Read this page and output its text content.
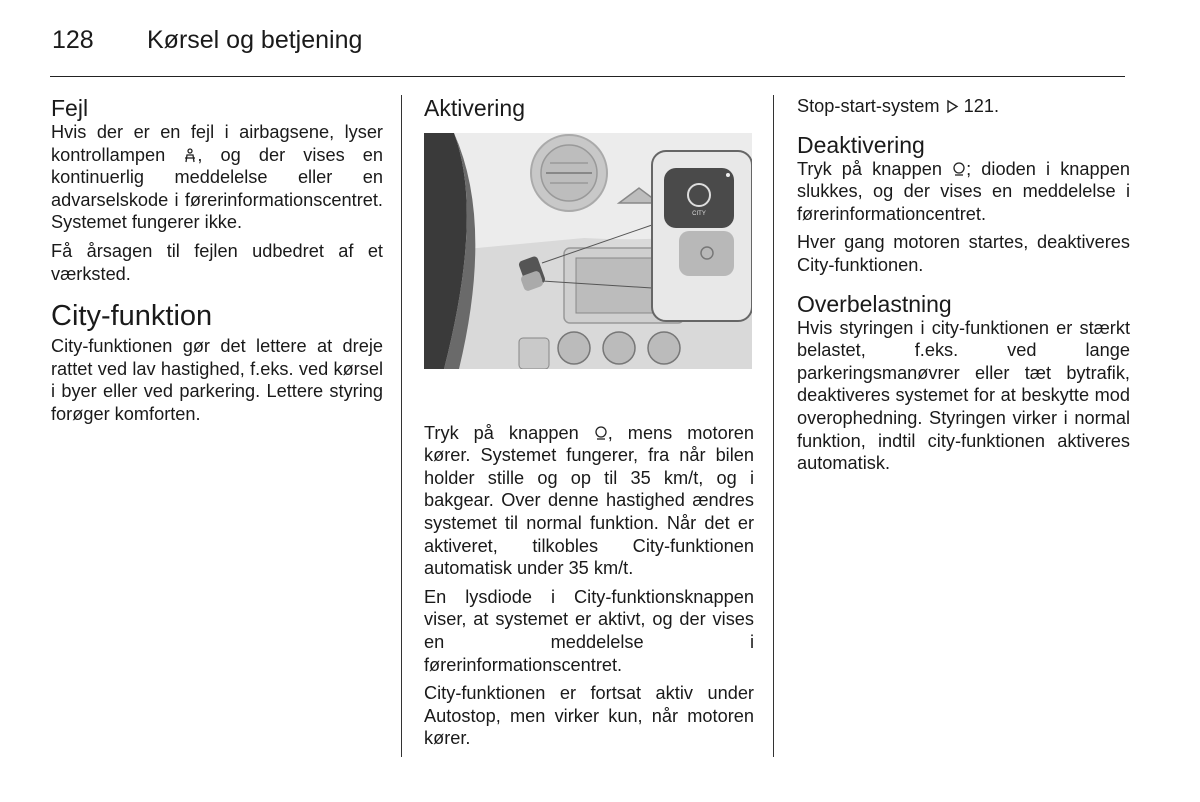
128 Kørsel og betjening
Fejl

Hvis der er en fejl i airbagsene, lyser kontrollampen , og der vises en kontinuerlig meddelelse eller en advarselskode i førerinformationscentret. Systemet fungerer ikke.

Få årsagen til fejlen udbedret af et værksted.

City-funktion

City-funktionen gør det lettere at dreje rattet ved lav hastighed, f.eks. ved kørsel i byer eller ved parkering. Lettere styring forøger komforten.

Aktivering
CITY

Tryk på knappen , mens motoren kører. Systemet fungerer, fra når bilen holder stille og op til 35 km/t, og i bakgear. Over denne hastighed ændres systemet til normal funktion. Når det er aktiveret, tilkobles City-funktionen automatisk under 35 km/t.

En lysdiode i City-funktionsknappen viser, at systemet er aktivt, og der vises en meddelelse i førerinformationscentret.

City-funktionen er fortsat aktiv under Autostop, men virker kun, når motoren kører.

Stop-start-system 121.

Deaktivering

Tryk på knappen ; dioden i knappen slukkes, og der vises en meddelelse i førerinformationcentret.

Hver gang motoren startes, deaktiveres City-funktionen.

Overbelastning

Hvis styringen i city-funktionen er stærkt belastet, f.eks. ved lange parkeringsmanøvrer eller tæt bytrafik, deaktiveres systemet for at beskytte mod overophedning. Styringen virker i normal funktion, indtil city-funktionen aktiveres automatisk.
